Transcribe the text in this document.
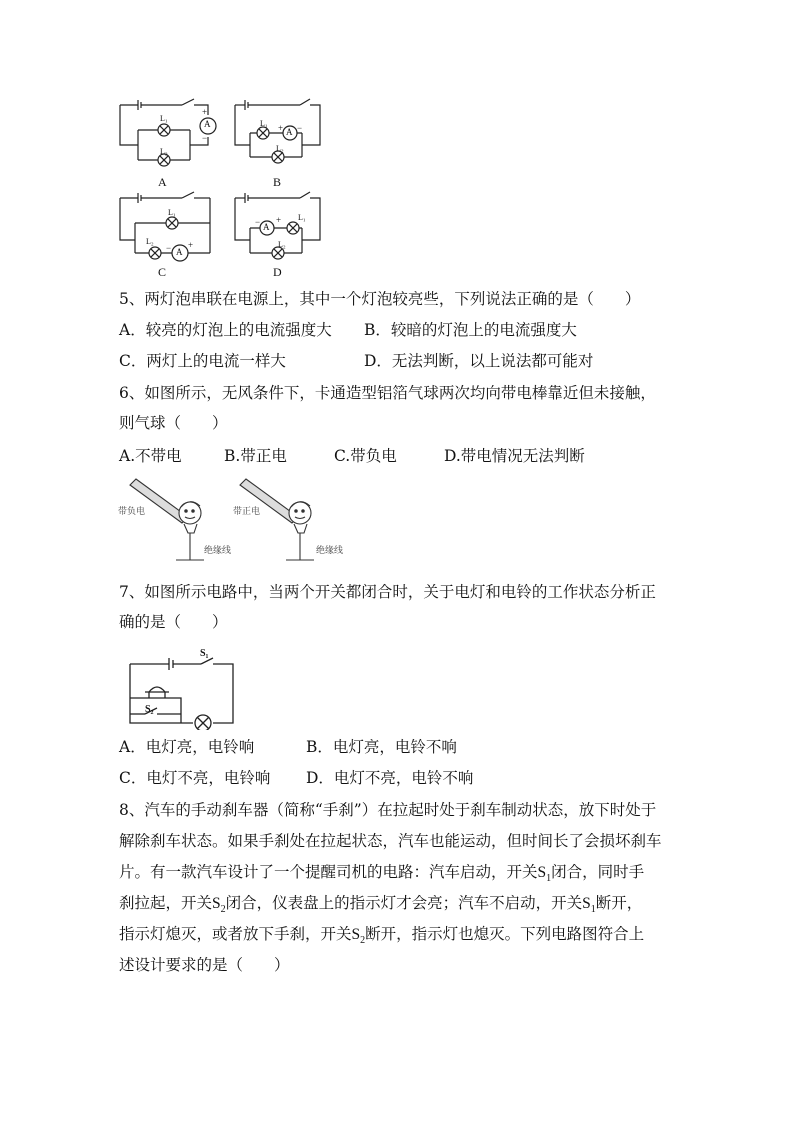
A	B
C	D
A
A
A
A
L₁
L₂
L₁
L₂
L₁
L₂
L₁
L₂
+
−
+ −
− +
− +
5、两灯泡串联在电源上，其中一个灯泡较亮些，下列说法正确的是（　　）
A．较亮的灯泡上的电流强度大 B．较暗的灯泡上的电流强度大
C．两灯上的电流一样大	D．无法判断，以上说法都可能对
6、如图所示，无风条件下，卡通造型铝箔气球两次均向带电棒靠近但未接触，
则气球（　　）
A.不带电	B.带正电	C.带负电	D.带电情况无法判断
带负电	带正电
绝缘线	绝缘线
7、如图所示电路中，当两个开关都闭合时，关于电灯和电铃的工作状态分析正
确的是（　　）
S₁
S₂
A．电灯亮，电铃响	B．电灯亮，电铃不响
C．电灯不亮，电铃响 D．电灯不亮，电铃不响
8、汽车的手动刹车器（简称“手刹”）在拉起时处于刹车制动状态，放下时处于
解除刹车状态。如果手刹处在拉起状态，汽车也能运动，但时间长了会损坏刹车
片。有一款汽车设计了一个提醒司机的电路：汽车启动，开关$S_1$闭合，同时手
刹拉起，开关$S_2$闭合，仪表盘上的指示灯才会亮；汽车不启动，开关$S_1$断开，
指示灯熄灭，或者放下手刹，开关$S_2$断开，指示灯也熄灭。下列电路图符合上
述设计要求的是（　　）
